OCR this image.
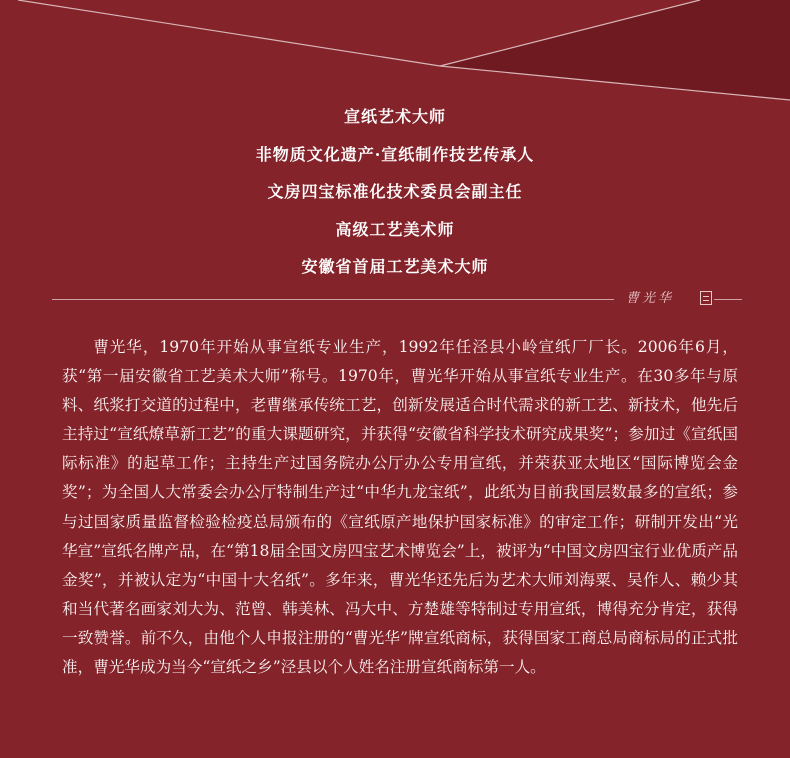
宣纸艺术大师

非物质文化遗产·宣纸制作技艺传承人

文房四宝标准化技术委员会副主任

高级工艺美术师

安徽省首届工艺美术大师

曹光华

曹光华，1970年开始从事宣纸专业生产，1992年任泾县小岭宣纸厂厂长。2006年6月，获“第一届安徽省工艺美术大师”称号。1970年，曹光华开始从事宣纸专业生产。在30多年与原料、纸浆打交道的过程中，老曹继承传统工艺，创新发展适合时代需求的新工艺、新技术，他先后主持过“宣纸燎草新工艺”的重大课题研究，并获得“安徽省科学技术研究成果奖”；参加过《宣纸国际标准》的起草工作；主持生产过国务院办公厅办公专用宣纸，并荣获亚太地区“国际博览会金奖”；为全国人大常委会办公厅特制生产过“中华九龙宝纸”，此纸为目前我国层数最多的宣纸；参与过国家质量监督检验检疫总局颁布的《宣纸原产地保护国家标准》的审定工作；研制开发出“光华宣”宣纸名牌产品，在“第18届全国文房四宝艺术博览会”上，被评为“中国文房四宝行业优质产品金奖”，并被认定为“中国十大名纸”。多年来，曹光华还先后为艺术大师刘海粟、吴作人、赖少其和当代著名画家刘大为、范曾、韩美林、冯大中、方楚雄等特制过专用宣纸，博得充分肯定，获得一致赞誉。前不久，由他个人申报注册的“曹光华”牌宣纸商标，获得国家工商总局商标局的正式批准，曹光华成为当今“宣纸之乡”泾县以个人姓名注册宣纸商标第一人。
